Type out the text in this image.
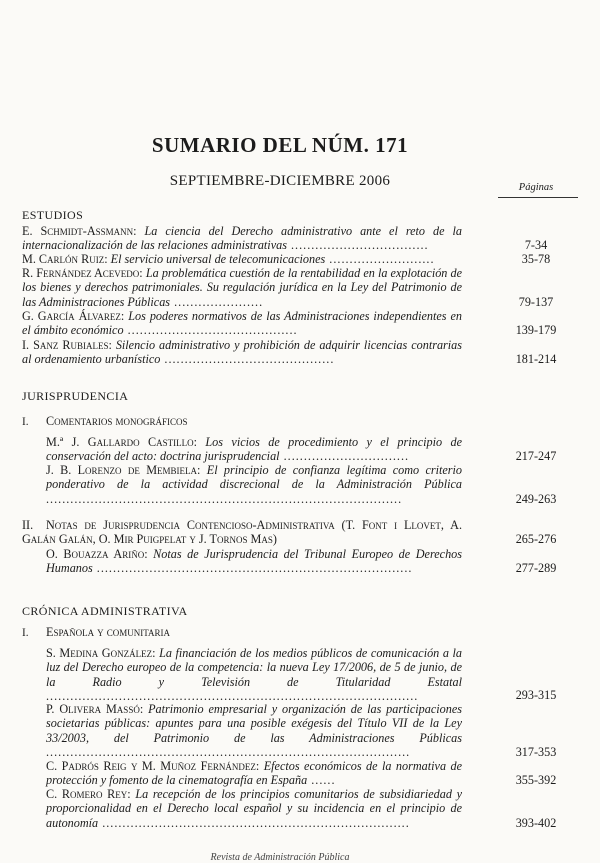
SUMARIO DEL NÚM. 171
SEPTIEMBRE-DICIEMBRE 2006	Páginas
ESTUDIOS
E. Schmidt-Aßmann: La ciencia del Derecho administrativo ante el reto de la internacionalización de las relaciones administrativas ..................................	7-34
M. Carlón Ruiz: El servicio universal de telecomunicaciones ..........................	35-78
R. Fernández Acevedo: La problemática cuestión de la rentabilidad en la explotación de los bienes y derechos patrimoniales. Su regulación jurídica en la Ley del Patrimonio de las Administraciones Públicas ......................	79-137
G. García Álvarez: Los poderes normativos de las Administraciones independientes en el ámbito económico ..........................................	139-179
I. Sanz Rubiales: Silencio administrativo y prohibición de adquirir licencias contrarias al ordenamiento urbanístico ..........................................	181-214
JURISPRUDENCIA
I. Comentarios monográficos
M.ª J. Gallardo Castillo: Los vicios de procedimiento y el principio de conservación del acto: doctrina jurisprudencial ...............................	217-247
J. B. Lorenzo de Membiela: El principio de confianza legítima como criterio ponderativo de la actividad discrecional de la Administración Pública ........................................................................................	249-263
II. Notas de Jurisprudencia Contencioso-Administrativa (T. Font i Llovet, A. Galán Galán, O. Mir Puigpelat y J. Tornos Mas)	265-276
O. Bouazza Ariño: Notas de Jurisprudencia del Tribunal Europeo de Derechos Humanos ..............................................................................	277-289
CRÓNICA ADMINISTRATIVA
I. Española y comunitaria
S. Medina González: La financiación de los medios públicos de comunicación a la luz del Derecho europeo de la competencia: la nueva Ley 17/2006, de 5 de junio, de la Radio y Televisión de Titularidad Estatal ............................................................................................	293-315
P. Olivera Massó: Patrimonio empresarial y organización de las participaciones societarias públicas: apuntes para una posible exégesis del Título VII de la Ley 33/2003, del Patrimonio de las Administraciones Públicas ..........................................................................................	317-353
C. Padrós Reig y M. Muñoz Fernández: Efectos económicos de la normativa de protección y fomento de la cinematografía en España ......	355-392
C. Romero Rey: La recepción de los principios comunitarios de subsidiariedad y proporcionalidad en el Derecho local español y su incidencia en el principio de autonomía ............................................................................	393-402
Revista de Administración Pública
